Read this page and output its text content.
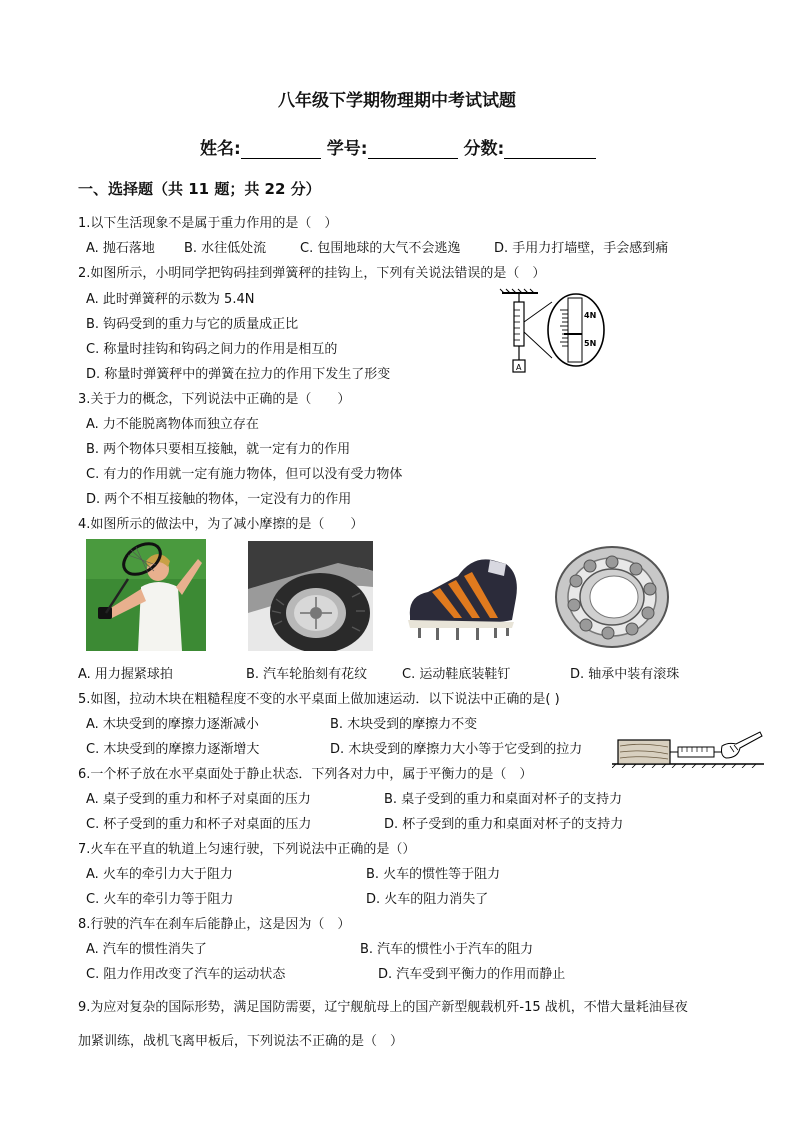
八年级下学期物理期中考试试题
姓名:	学号:	分数:
一、选择题（共 11 题；共 22 分）
1.以下生活现象不是属于重力作用的是（　）
A. 抛石落地 B. 水往低处流	C. 包围地球的大气不会逃逸	D. 手用力打墙壁，手会感到痛
2.如图所示，小明同学把钩码挂到弹簧秤的挂钩上，下列有关说法错误的是（　）
A. 此时弹簧秤的示数为 5.4N
B. 钩码受到的重力与它的质量成正比
C. 称量时挂钩和钩码之间力的作用是相互的
D. 称量时弹簧秤中的弹簧在拉力的作用下发生了形变
4N
5N
A
3.关于力的概念，下列说法中正确的是（　　）
A. 力不能脱离物体而独立存在
B. 两个物体只要相互接触，就一定有力的作用
C. 有力的作用就一定有施力物体，但可以没有受力物体
D. 两个不相互接触的物体，一定没有力的作用
4.如图所示的做法中，为了减小摩擦的是（　　）
A. 用力握紧球拍	B. 汽车轮胎刻有花纹	C. 运动鞋底装鞋钉	D. 轴承中装有滚珠
5.如图，拉动木块在粗糙程度不变的水平桌面上做加速运动．以下说法中正确的是( )
A. 木块受到的摩擦力逐渐减小	B. 木块受到的摩擦力不变
C. 木块受到的摩擦力逐渐增大	D. 木块受到的摩擦力大小等于它受到的拉力
6.一个杯子放在水平桌面处于静止状态．下列各对力中，属于平衡力的是（　）
A. 桌子受到的重力和杯子对桌面的压力	B. 桌子受到的重力和桌面对杯子的支持力
C. 杯子受到的重力和杯子对桌面的压力	D. 杯子受到的重力和桌面对杯子的支持力
7.火车在平直的轨道上匀速行驶，下列说法中正确的是（）
A. 火车的牵引力大于阻力	B. 火车的惯性等于阻力
C. 火车的牵引力等于阻力	D. 火车的阻力消失了
8.行驶的汽车在刹车后能静止，这是因为（　）
A. 汽车的惯性消失了	B. 汽车的惯性小于汽车的阻力
C. 阻力作用改变了汽车的运动状态	D. 汽车受到平衡力的作用而静止
9.为应对复杂的国际形势，满足国防需要，辽宁舰航母上的国产新型舰载机歼-15 战机，不惜大量耗油昼夜
加紧训练，战机飞离甲板后，下列说法不正确的是（　）
